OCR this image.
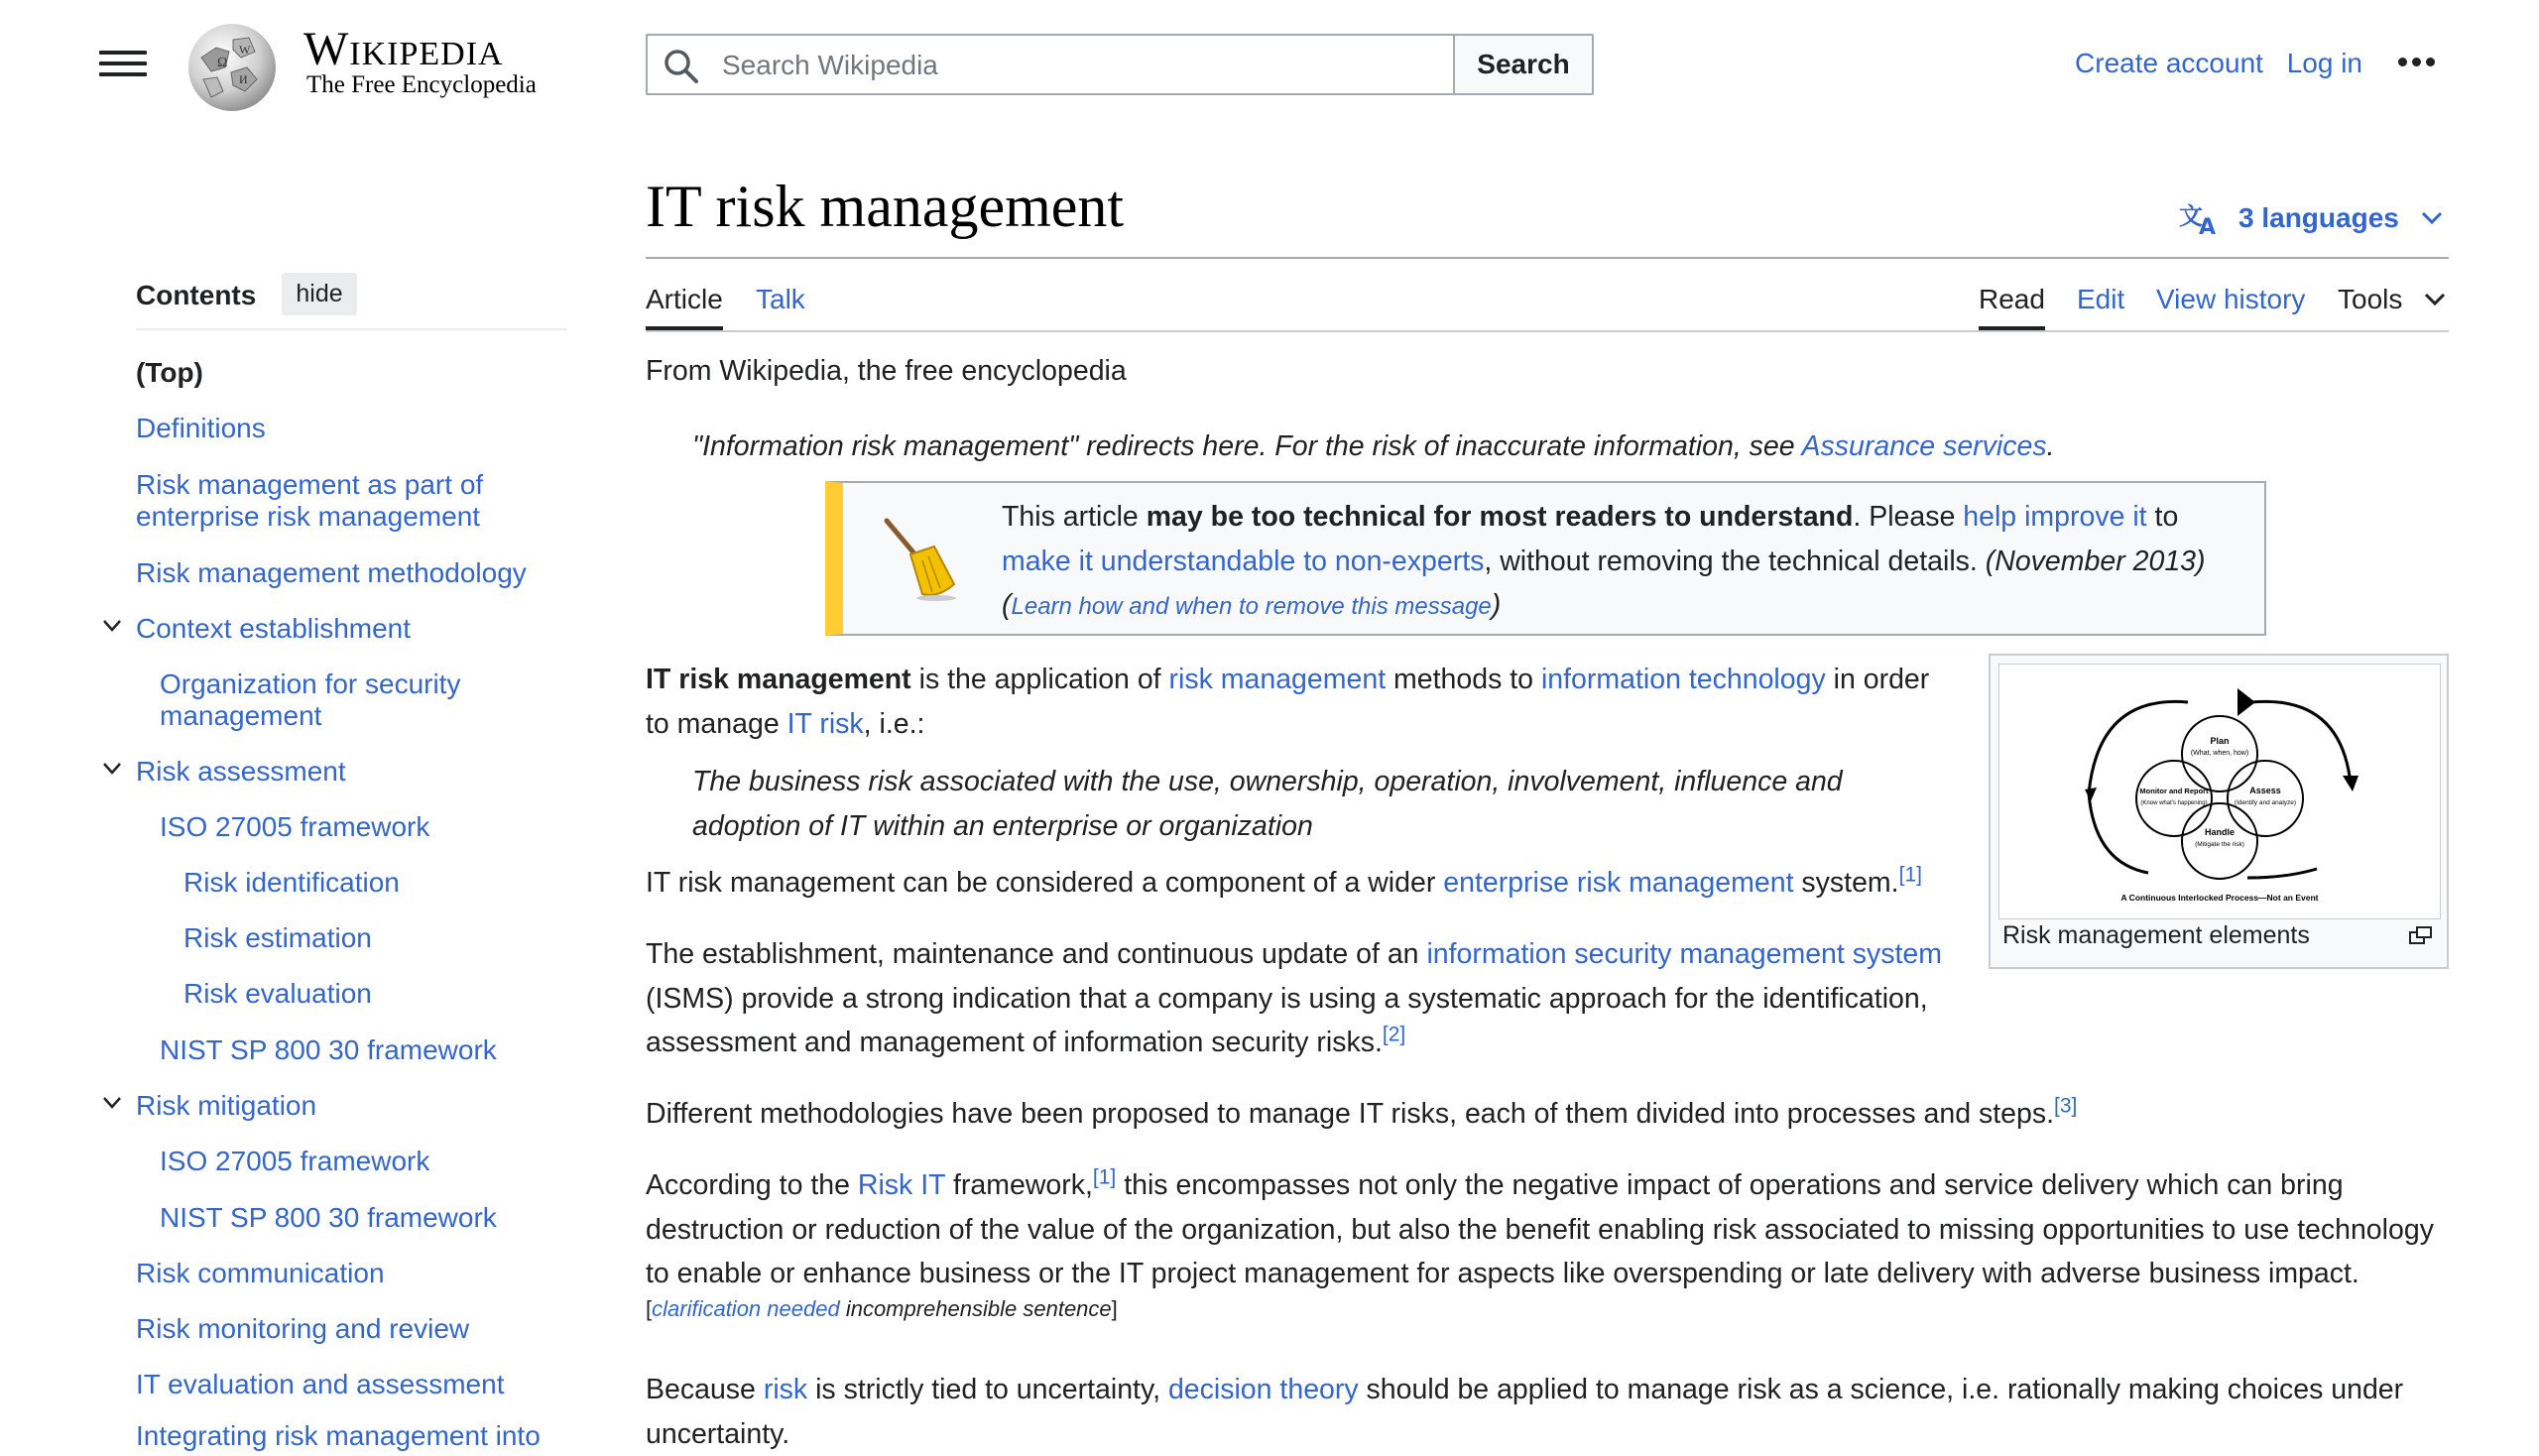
Ω
W
И
Wikipedia
The Free Encyclopedia
Search Wikipedia
Search	Create account Log in
IT risk management	文
A 3 languages
Article Talk	Read Edit View history Tools
Contents	hide
(Top)
Definitions
Risk management as part of enterprise risk management
Risk management methodology
Context establishment
Organization for security management
Risk assessment
ISO 27005 framework
Risk identification
Risk estimation
Risk evaluation
NIST SP 800 30 framework
Risk mitigation
ISO 27005 framework
NIST SP 800 30 framework
Risk communication
Risk monitoring and review
IT evaluation and assessment
Integrating risk management into
From Wikipedia, the free encyclopedia
"Information risk management" redirects here. For the risk of inaccurate information, see Assurance services.
This article may be too technical for most readers to understand. Please help improve it to make it understandable to non-experts, without removing the technical details. (November 2013) (Learn how and when to remove this message)
IT risk management is the application of risk management methods to information technology in order to manage IT risk, i.e.:
The business risk associated with the use, ownership, operation, involvement, influence and adoption of IT within an enterprise or organization
IT risk management can be considered a component of a wider enterprise risk management system.[1]
The establishment, maintenance and continuous update of an information security management system (ISMS) provide a strong indication that a company is using a systematic approach for the identification, assessment and management of information security risks.[2]
Different methodologies have been proposed to manage IT risks, each of them divided into processes and steps.[3]
According to the Risk IT framework,[1] this encompasses not only the negative impact of operations and service delivery which can bring destruction or reduction of the value of the organization, but also the benefit enabling risk associated to missing opportunities to use technology to enable or enhance business or the IT project management for aspects like overspending or late delivery with adverse business impact.
[clarification needed incomprehensible sentence]
Because risk is strictly tied to uncertainty, decision theory should be applied to manage risk as a science, i.e. rationally making choices under uncertainty.
Plan
(What, when, how)
Assess
(Identify and analyze)
Monitor and Report
(Know what's happening)
Handle
(Mitigate the risk)
A Continuous Interlocked Process—Not an Event
Risk management elements
